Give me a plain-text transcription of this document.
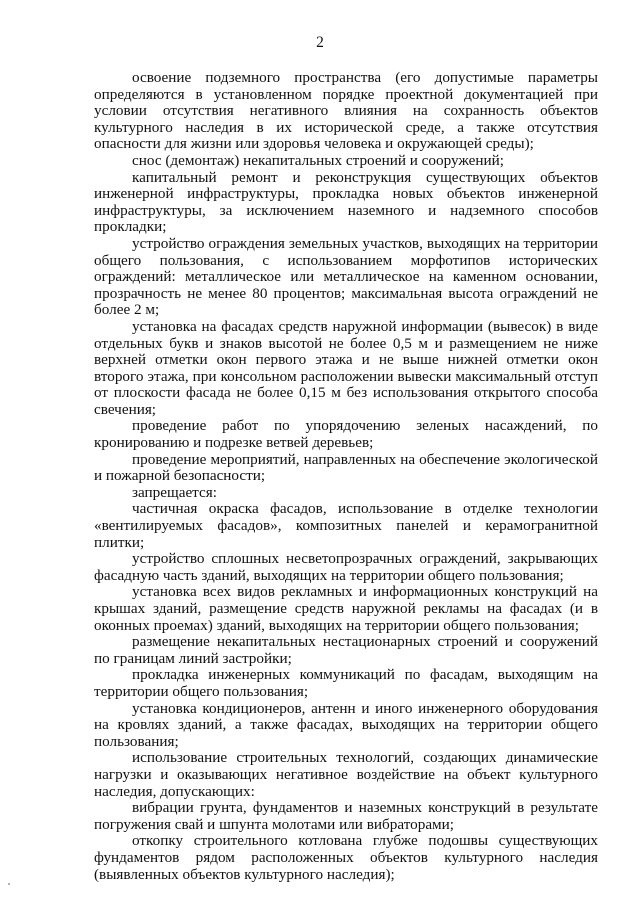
2

освоение подземного пространства (его допустимые параметры определяются в установленном порядке проектной документацией при условии отсутствия негативного влияния на сохранность объектов культурного наследия в их исторической среде, а также отсутствия опасности для жизни или здоровья человека и окружающей среды);

снос (демонтаж) некапитальных строений и сооружений;

капитальный ремонт и реконструкция существующих объектов инженерной инфраструктуры, прокладка новых объектов инженерной инфраструктуры, за исключением наземного и надземного способов прокладки;

устройство ограждения земельных участков, выходящих на территории общего пользования, с использованием морфотипов исторических ограждений: металлическое или металлическое на каменном основании, прозрачность не менее 80 процентов; максимальная высота ограждений не более 2 м;

установка на фасадах средств наружной информации (вывесок) в виде отдельных букв и знаков высотой не более 0,5 м и размещением не ниже верхней отметки окон первого этажа и не выше нижней отметки окон второго этажа, при консольном расположении вывески максимальный отступ от плоскости фасада не более 0,15 м без использования открытого способа свечения;

проведение работ по упорядочению зеленых насаждений, по кронированию и подрезке ветвей деревьев;

проведение мероприятий, направленных на обеспечение экологической и пожарной безопасности;

запрещается:

частичная окраска фасадов, использование в отделке технологии «вентилируемых фасадов», композитных панелей и керамогранитной плитки;

устройство сплошных несветопрозрачных ограждений, закрывающих фасадную часть зданий, выходящих на территории общего пользования;

установка всех видов рекламных и информационных конструкций на крышах зданий, размещение средств наружной рекламы на фасадах (и в оконных проемах) зданий, выходящих на территории общего пользования;

размещение некапитальных нестационарных строений и сооружений по границам линий застройки;

прокладка инженерных коммуникаций по фасадам, выходящим на территории общего пользования;

установка кондиционеров, антенн и иного инженерного оборудования на кровлях зданий, а также фасадах, выходящих на территории общего пользования;

использование строительных технологий, создающих динамические нагрузки и оказывающих негативное воздействие на объект культурного наследия, допускающих:

вибрации грунта, фундаментов и наземных конструкций в результате погружения свай и шпунта молотами или вибраторами;

откопку строительного котлована глубже подошвы существующих фундаментов рядом расположенных объектов культурного наследия (выявленных объектов культурного наследия);
